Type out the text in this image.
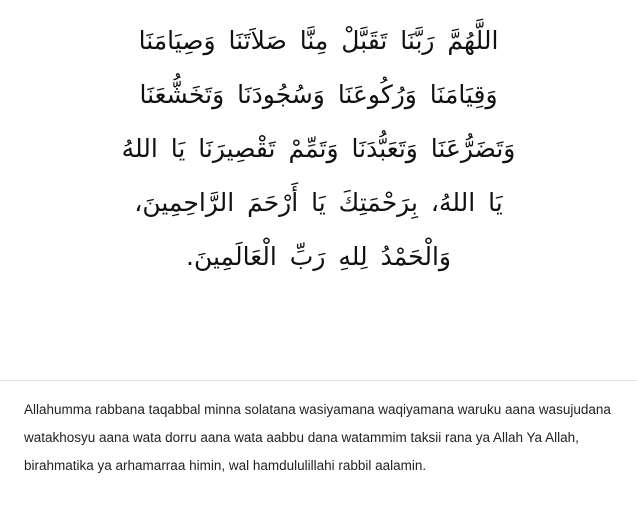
اللَّهُمَّ رَبَّنَا تَقَبَّلْ مِنَّا صَلاَتَنَا وَصِيَامَنَا
وَقِيَامَنَا وَرُكُوعَنَا وَسُجُودَنَا وَتَخَشُّعَنَا
وَتَضَرُّعَنَا وَتَعَبُّدَنَا وَتَمِّمْ تَقْصِيرَنَا يَا اللهُ
يَا اللهُ، بِرَحْمَتِكَ يَا أَرْحَمَ الرَّاحِمِينَ،
وَالْحَمْدُ لِلهِ رَبِّ الْعَالَمِينَ.

Allahumma rabbana taqabbal minna solatana wasiyamana waqiyamana waruku aana wasujudana watakhosyu aana wata dorru aana wata aabbu dana watammim taksii rana ya Allah Ya Allah, birahmatika ya arhamarraa himin, wal hamdululillahi rabbil aalamin.
